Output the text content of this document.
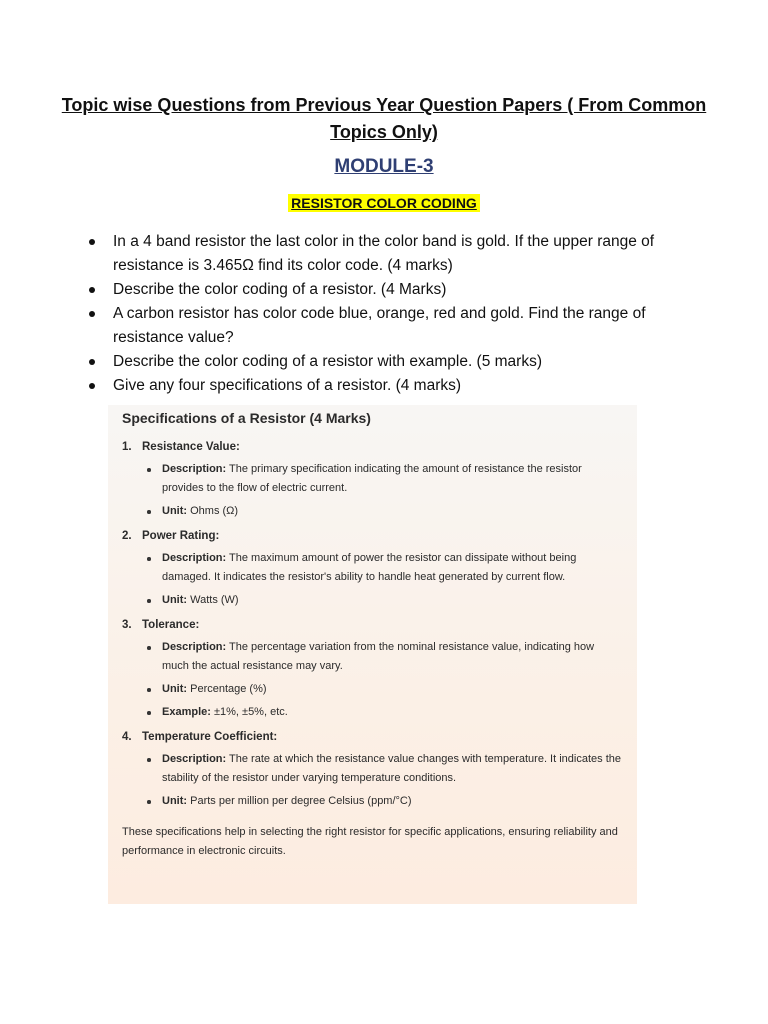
Topic wise Questions from Previous Year Question Papers ( From Common Topics Only)
MODULE-3
RESISTOR COLOR CODING
In a 4 band resistor the last color in the color band is gold. If the upper range of resistance is 3.465Ω find its color code. (4 marks)
Describe the color coding of a resistor. (4 Marks)
A carbon resistor has color code blue, orange, red and gold. Find the range of resistance value?
Describe the color coding of a resistor with example. (5 marks)
Give any four specifications of a resistor. (4 marks)
Specifications of a Resistor (4 Marks)
1. Resistance Value:
Description: The primary specification indicating the amount of resistance the resistor provides to the flow of electric current.
Unit: Ohms (Ω)
2. Power Rating:
Description: The maximum amount of power the resistor can dissipate without being damaged. It indicates the resistor's ability to handle heat generated by current flow.
Unit: Watts (W)
3. Tolerance:
Description: The percentage variation from the nominal resistance value, indicating how much the actual resistance may vary.
Unit: Percentage (%)
Example: ±1%, ±5%, etc.
4. Temperature Coefficient:
Description: The rate at which the resistance value changes with temperature. It indicates the stability of the resistor under varying temperature conditions.
Unit: Parts per million per degree Celsius (ppm/°C)
These specifications help in selecting the right resistor for specific applications, ensuring reliability and performance in electronic circuits.
